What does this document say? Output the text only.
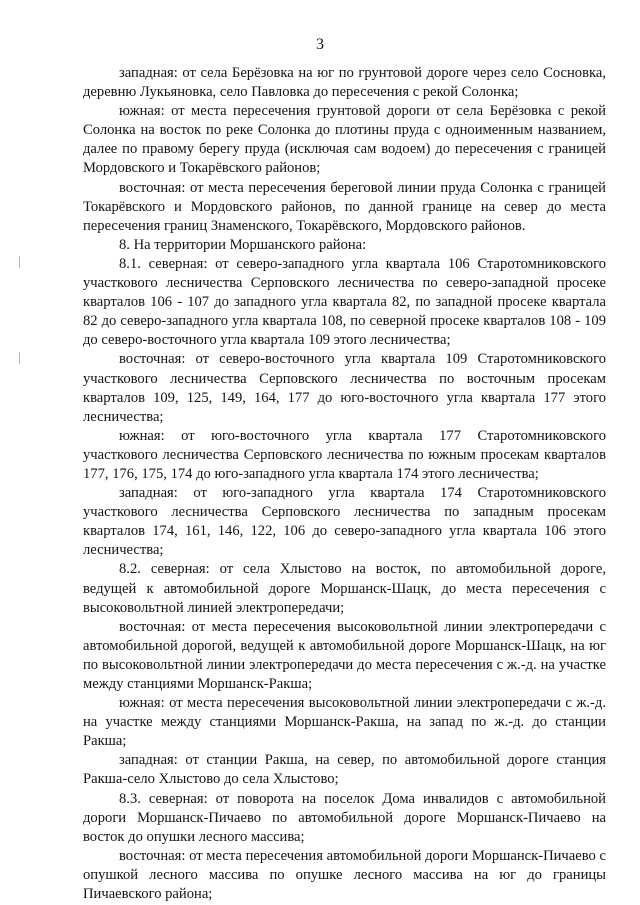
3

западная: от села Берёзовка на юг по грунтовой дороге через село Сосновка, деревню Лукьяновка, село Павловка до пересечения с рекой Солонка;

южная: от места пересечения грунтовой дороги от села Берёзовка с рекой Солонка на восток по реке Солонка до плотины пруда с одноименным названием, далее по правому берегу пруда (исключая сам водоем) до пересечения с границей Мордовского и Токарёвского районов;

восточная: от места пересечения береговой линии пруда Солонка с границей Токарёвского и Мордовского районов, по данной границе на север до места пересечения границ Знаменского, Токарёвского, Мордовского районов.

8. На территории Моршанского района:

8.1. северная: от северо-западного угла квартала 106 Старотомниковского участкового лесничества Серповского лесничества по северо-западной просеке кварталов 106 - 107 до западного угла квартала 82, по западной просеке квартала 82 до северо-западного угла квартала 108, по северной просеке кварталов 108 - 109 до северо-восточного угла квартала 109 этого лесничества;

восточная: от северо-восточного угла квартала 109 Старотомниковского участкового лесничества Серповского лесничества по восточным просекам кварталов 109, 125, 149, 164, 177 до юго-восточного угла квартала 177 этого лесничества;

южная: от юго-восточного угла квартала 177 Старотомниковского участкового лесничества Серповского лесничества по южным просекам кварталов 177, 176, 175, 174 до юго-западного угла квартала 174 этого лесничества;

западная: от юго-западного угла квартала 174 Старотомниковского участкового лесничества Серповского лесничества по западным просекам кварталов 174, 161, 146, 122, 106 до северо-западного угла квартала 106 этого лесничества;

8.2. северная: от села Хлыстово на восток, по автомобильной дороге, ведущей к автомобильной дороге Моршанск-Шацк, до места пересечения с высоковольтной линией электропередачи;

восточная: от места пересечения высоковольтной линии электропередачи с автомобильной дорогой, ведущей к автомобильной дороге Моршанск-Шацк, на юг по высоковольтной линии электропередачи до места пересечения с ж.-д. на участке между станциями Моршанск-Ракша;

южная: от места пересечения высоковольтной линии электропередачи с ж.-д. на участке между станциями Моршанск-Ракша, на запад по ж.-д. до станции Ракша;

западная: от станции Ракша, на север, по автомобильной дороге станция Ракша-село Хлыстово до села Хлыстово;

8.3. северная: от поворота на поселок Дома инвалидов с автомобильной дороги Моршанск-Пичаево по автомобильной дороге Моршанск-Пичаево на восток до опушки лесного массива;

восточная: от места пересечения автомобильной дороги Моршанск-Пичаево с опушкой лесного массива по опушке лесного массива на юг до границы Пичаевского района;
